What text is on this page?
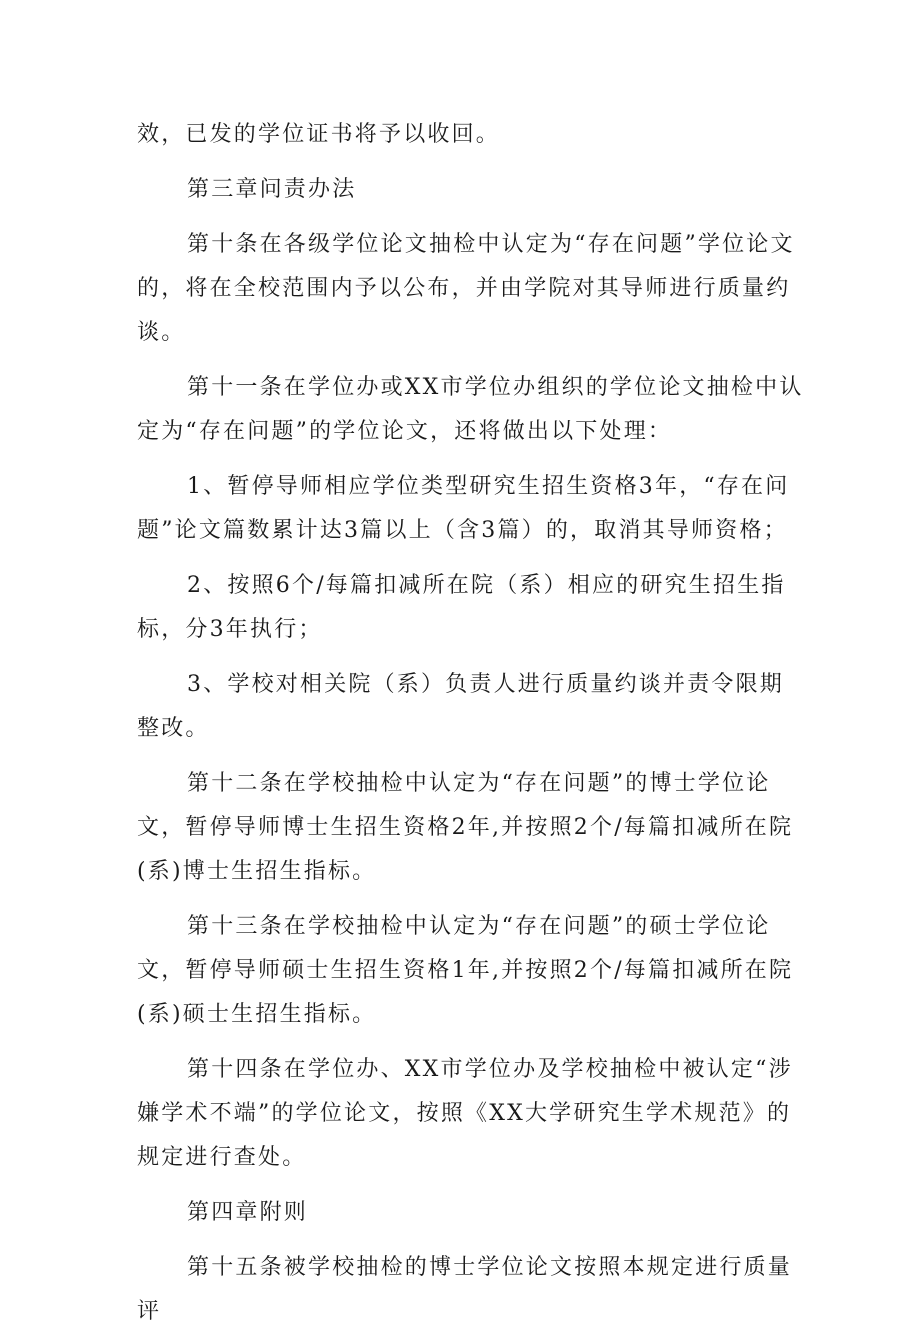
效，已发的学位证书将予以收回。

第三章问责办法

第十条在各级学位论文抽检中认定为“存在问题”学位论文的，将在全校范围内予以公布，并由学院对其导师进行质量约谈。

第十一条在学位办或XX市学位办组织的学位论文抽检中认定为“存在问题”的学位论文，还将做出以下处理：

1、暂停导师相应学位类型研究生招生资格3年，“存在问题”论文篇数累计达3篇以上（含3篇）的，取消其导师资格；

2、按照6个/每篇扣减所在院（系）相应的研究生招生指标，分3年执行；

3、学校对相关院（系）负责人进行质量约谈并责令限期整改。

第十二条在学校抽检中认定为“存在问题”的博士学位论文，暂停导师博士生招生资格2年,并按照2个/每篇扣减所在院(系)博士生招生指标。

第十三条在学校抽检中认定为“存在问题”的硕士学位论文，暂停导师硕士生招生资格1年,并按照2个/每篇扣减所在院(系)硕士生招生指标。

第十四条在学位办、XX市学位办及学校抽检中被认定“涉嫌学术不端”的学位论文，按照《XX大学研究生学术规范》的规定进行查处。

第四章附则

第十五条被学校抽检的博士学位论文按照本规定进行质量评
